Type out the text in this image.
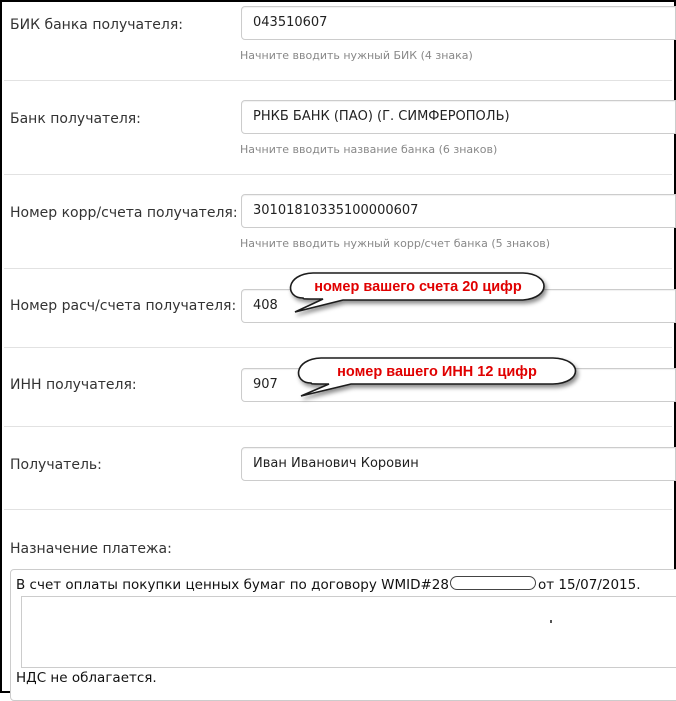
БИК банка получателя:	043510607
Начните вводить нужный БИК (4 знака)
Банк получателя:	РНКБ БАНК (ПАО) (Г. СИМФЕРОПОЛЬ)
Начните вводить название банка (6 знаков)
Номер корр/счета получателя:	30101810335100000607
Начните вводить нужный корр/счет банка (5 знаков)
Номер расч/счета получателя:	408
ИНН получателя:	907
Получатель:	Иван Иванович Коровин
Назначение платежа:
В счет оплаты покупки ценных бумаг по договору WMID#28	от 15/07/2015.
НДС не облагается.
номер вашего счета 20 цифр
номер вашего ИНН 12 цифр
